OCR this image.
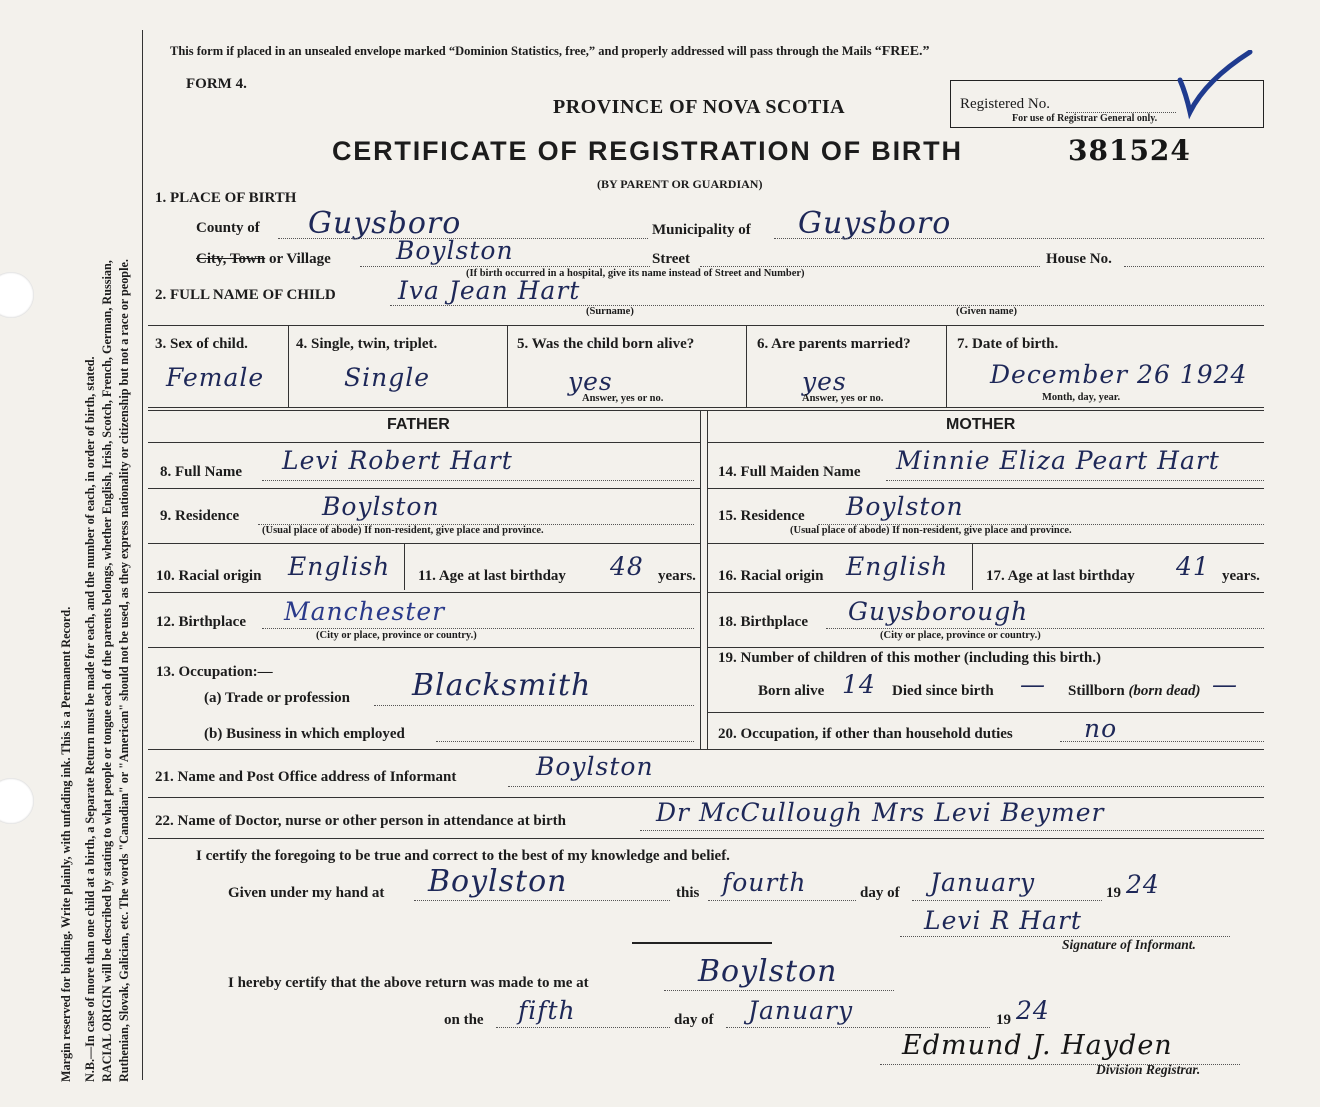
Margin reserved for binding. Write plainly, with unfading ink. This is a Permanent Record. N.B.—In case of more than one child at a birth, a Separate Return must be made for each, and the number of each, in order of birth, stated. RACIAL ORIGIN will be described by stating to what people or tongue each of the parents belongs, whether English, Irish, Scotch, French, German, Russian, Ruthenian, Slovak, Galician, etc. The words "Canadian" or "American" should not be used, as they express nationality or citizenship but not a race or people.
This form if placed in an unsealed envelope marked “Dominion Statistics, free,” and properly addressed will pass through the Mails “FREE.”
FORM 4.
PROVINCE OF NOVA SCOTIA
CERTIFICATE OF REGISTRATION OF BIRTH	381524
(BY PARENT OR GUARDIAN)
Registered No.
For use of Registrar General only.
1. PLACE OF BIRTH
County of Guysboro	Municipality of Guysboro
City, Town or Village	Boylston	Street	House No.
(If birth occurred in a hospital, give its name instead of Street and Number)
2. FULL NAME OF CHILD Iva Jean Hart
(Surname)	(Given name)
3. Sex of child.
Female
4. Single, twin, triplet.
Single
5. Was the child born alive?
yes
Answer, yes or no.
6. Are parents married?
yes
Answer, yes or no.
7. Date of birth.
December 26 1924
Month, day, year.
FATHER	MOTHER
8. Full Name Levi Robert Hart
9. Residence	Boylston
(Usual place of abode) If non-resident, give place and province.
10. Racial origin English 11. Age at last birthday 48 years.
12. Birthplace Manchester
(City or place, province or country.)
13. Occupation:—
(a) Trade or profession Blacksmith
(b) Business in which employed
14. Full Maiden Name Minnie Eliza Peart Hart
15. Residence Boylston
(Usual place of abode) If non-resident, give place and province.
16. Racial origin English	17. Age at last birthday 41 years.
18. Birthplace Guysborough
(City or place, province or country.)
19. Number of children of this mother (including this birth.)
Born alive 14 Died since birth — Stillborn (born dead) —
20. Occupation, if other than household duties	no
21. Name and Post Office address of Informant	Boylston
22. Name of Doctor, nurse or other person in attendance at birth	Dr McCullough Mrs Levi Beymer
I certify the foregoing to be true and correct to the best of my knowledge and belief.
Given under my hand at Boylston	this fourth	day of January	19 24
Levi R Hart
Signature of Informant.
I hereby certify that the above return was made to me at	Boylston
on the fifth	day of January	19 24
Edmund J. Hayden
Division Registrar.
